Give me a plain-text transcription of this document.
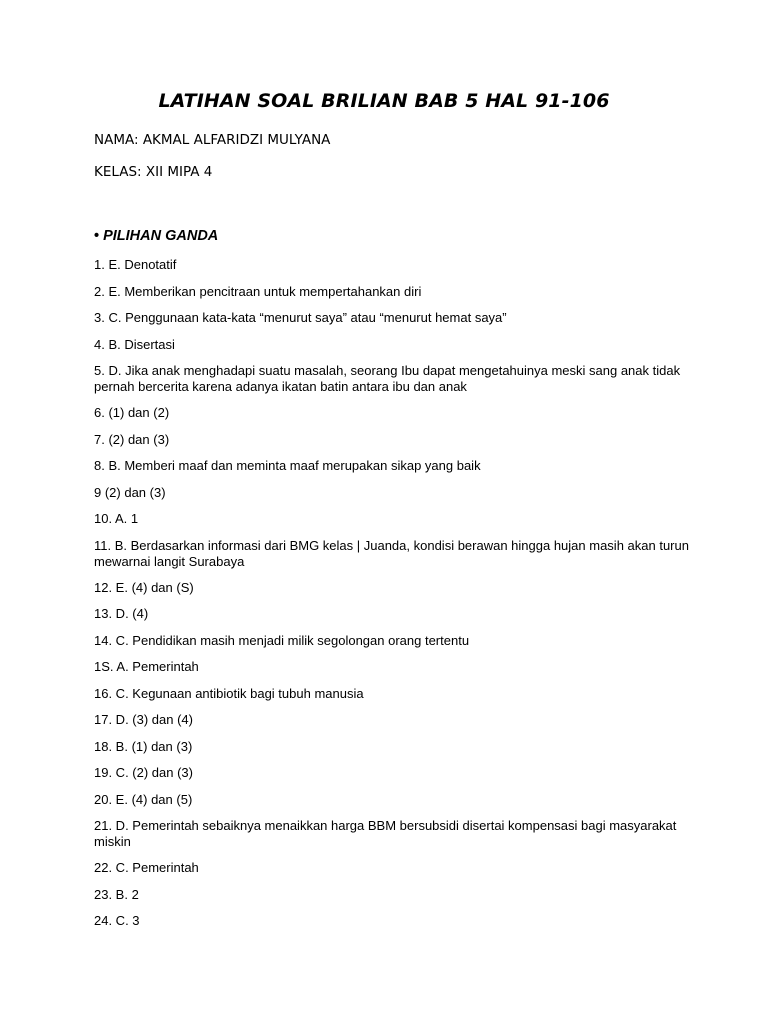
LATIHAN SOAL BRILIAN BAB 5 HAL 91-106
NAMA: AKMAL ALFARIDZI MULYANA
KELAS: XII MIPA 4
• PILIHAN GANDA
1. E. Denotatif
2. E. Memberikan pencitraan untuk mempertahankan diri
3. C. Penggunaan kata-kata “menurut saya” atau “menurut hemat saya”
4. B. Disertasi
5. D. Jika anak menghadapi suatu masalah, seorang Ibu dapat mengetahuinya meski sang anak tidak pernah bercerita karena adanya ikatan batin antara ibu dan anak
6. (1) dan (2)
7. (2) dan (3)
8. B. Memberi maaf dan meminta maaf merupakan sikap yang baik
9 (2) dan (3)
10. A. 1
11. B. Berdasarkan informasi dari BMG kelas | Juanda, kondisi berawan hingga hujan masih akan turun mewarnai langit Surabaya
12. E. (4) dan (S)
13. D. (4)
14. C. Pendidikan masih menjadi milik segolongan orang tertentu
1S. A. Pemerintah
16. C. Kegunaan antibiotik bagi tubuh manusia
17. D. (3) dan (4)
18. B. (1) dan (3)
19. C. (2) dan (3)
20. E. (4) dan (5)
21. D. Pemerintah sebaiknya menaikkan harga BBM bersubsidi disertai kompensasi bagi masyarakat miskin
22. C. Pemerintah
23. B. 2
24. C. 3
